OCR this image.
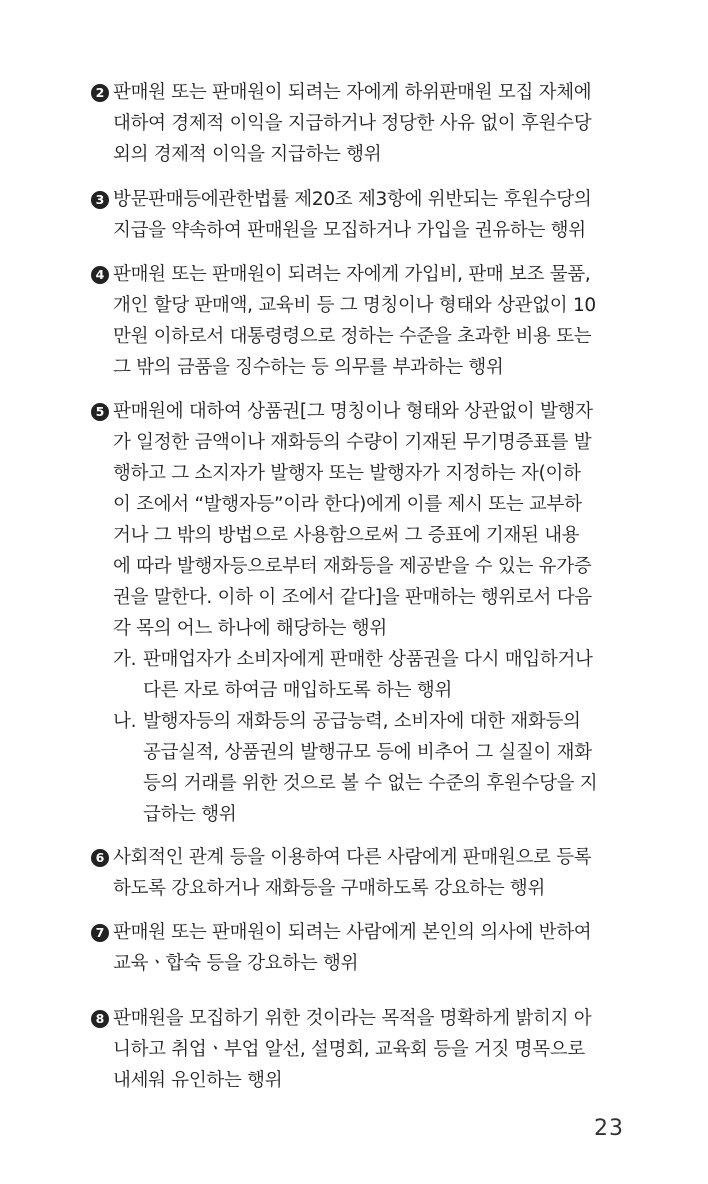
2 판매원 또는 판매원이 되려는 자에게 하위판매원 모집 자체에
대하여 경제적 이익을 지급하거나 정당한 사유 없이 후원수당
외의 경제적 이익을 지급하는 행위
3 방문판매등에관한법률 제20조 제3항에 위반되는 후원수당의
지급을 약속하여 판매원을 모집하거나 가입을 권유하는 행위
4 판매원 또는 판매원이 되려는 자에게 가입비, 판매 보조 물품,
개인 할당 판매액, 교육비 등 그 명칭이나 형태와 상관없이 10
만원 이하로서 대통령령으로 정하는 수준을 초과한 비용 또는
그 밖의 금품을 징수하는 등 의무를 부과하는 행위
5 판매원에 대하여 상품권[그 명칭이나 형태와 상관없이 발행자
가 일정한 금액이나 재화등의 수량이 기재된 무기명증표를 발
행하고 그 소지자가 발행자 또는 발행자가 지정하는 자(이하
이 조에서 “발행자등”이라 한다)에게 이를 제시 또는 교부하
거나 그 밖의 방법으로 사용함으로써 그 증표에 기재된 내용
에 따라 발행자등으로부터 재화등을 제공받을 수 있는 유가증
권을 말한다. 이하 이 조에서 같다]을 판매하는 행위로서 다음
각 목의 어느 하나에 해당하는 행위
가. 판매업자가 소비자에게 판매한 상품권을 다시 매입하거나
다른 자로 하여금 매입하도록 하는 행위
나. 발행자등의 재화등의 공급능력, 소비자에 대한 재화등의
공급실적, 상품권의 발행규모 등에 비추어 그 실질이 재화
등의 거래를 위한 것으로 볼 수 없는 수준의 후원수당을 지
급하는 행위
6 사회적인 관계 등을 이용하여 다른 사람에게 판매원으로 등록
하도록 강요하거나 재화등을 구매하도록 강요하는 행위
7 판매원 또는 판매원이 되려는 사람에게 본인의 의사에 반하여
교육ㆍ합숙 등을 강요하는 행위
8 판매원을 모집하기 위한 것이라는 목적을 명확하게 밝히지 아
니하고 취업ㆍ부업 알선, 설명회, 교육회 등을 거짓 명목으로
내세워 유인하는 행위
23
